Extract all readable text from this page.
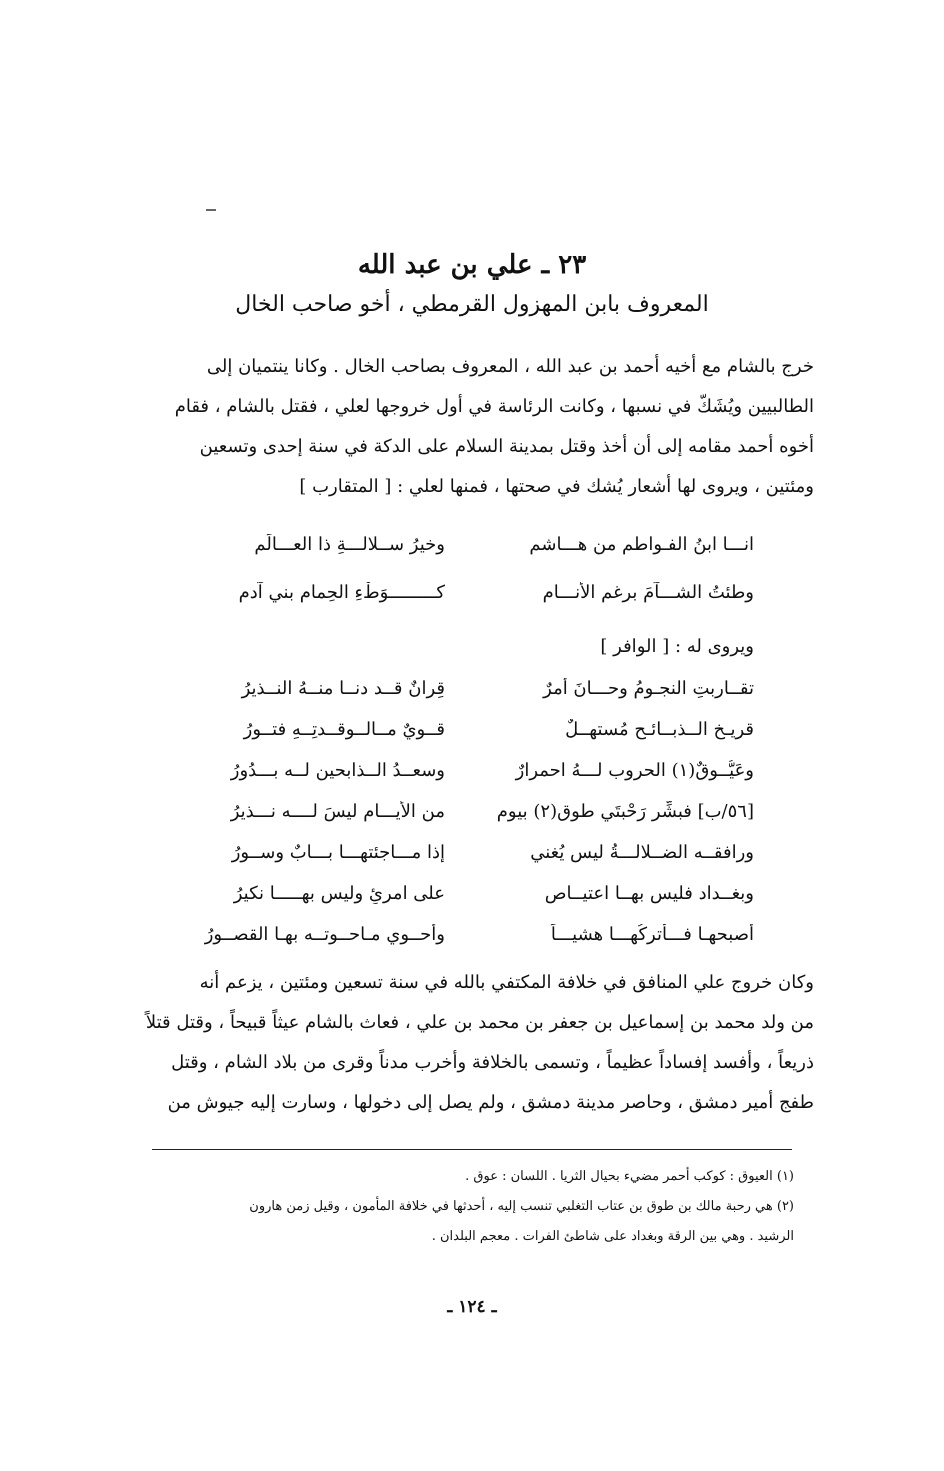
٢٣ ـ علي بن عبد الله
المعروف بابن المهزول القرمطي ، أخو صاحب الخال
خرج بالشام مع أخيه أحمد بن عبد الله ، المعروف بصاحب الخال . وكانا ينتميان إلى
الطالبيين ويُشَكّ في نسبها ، وكانت الرئاسة في أول خروجها لعلي ، فقتل بالشام ، فقام
أخوه أحمد مقامه إلى أن أخذ وقتل بمدينة السلام على الدكة في سنة إحدى وتسعين
ومئتين ، ويروى لها أشعار يُشك في صحتها ، فمنها لعلي : [ المتقارب ]
انـــا ابنُ الفـواطمِ من هـــاشمِ
وخيرُ ســلالـــةِ ذا العـــالَمِ
وطئتُ الشـــآمَ برغمِ الأنـــامِ
كـــــــــوَطْءِ الحِمامِ بني آدمِ
ويروى له : [ الوافر ]
تقــاربتِ النجـومُ وحـــانَ أمرٌ
قِرانٌ قــد دنــا منــهُ النــذيرُ
قريـخ الــذبــائـح مُستهــلٌ
قــويٌ مــالــوقــدتِــهِ فتــورُ
وعَيُّــوقٌ(١) الحروب لـــهُ احمرارٌ
وسعــدُ الــذابحين لــه بـــدُورُ
[٥٦/ب] فبشِّر رَحْبتَي طوقٍ(٢) بيومٍ
من الأيـــام ليسَ لــــه نـــذيرُ
ورافقــه الضــلالـــةُ ليس يُغني
إذا مـــاجئتهـــا بـــابٌ وســورُ
وبغــداد فليس بهــا اعتيــاص
على امرئٍ وليس بهـــــا نكيرُ
أصبحهـا فـــأتركُهـــا هشيـــاً
وأحــوي مـاحــوتــه بهـا القصــورُ
وكان خروج علي المنافق في خلافة المكتفي بالله في سنة تسعين ومئتين ، يزعم أنه
من ولد محمد بن إسماعيل بن جعفر بن محمد بن علي ، فعاث بالشام عيثاً قبيحاً ، وقتل قتلاً
ذريعاً ، وأفسد إفساداً عظيماً ، وتسمى بالخلافة وأخرب مدناً وقرى من بلاد الشام ، وقتل
طفج أمير دمشق ، وحاصر مدينة دمشق ، ولم يصل إلى دخولها ، وسارت إليه جيوش من
(١) العيوق : كوكب أحمر مضيء بحيال الثريا . اللسان : عوق .
(٢) هي رحبة مالك بن طوق بن عتاب التغلبي تنسب إليه ، أحدثها في خلافة المأمون ، وقيل زمن هارون
الرشيد . وهي بين الرقة وبغداد على شاطئ الفرات . معجم البلدان .
ـ ١٢٤ ـ
